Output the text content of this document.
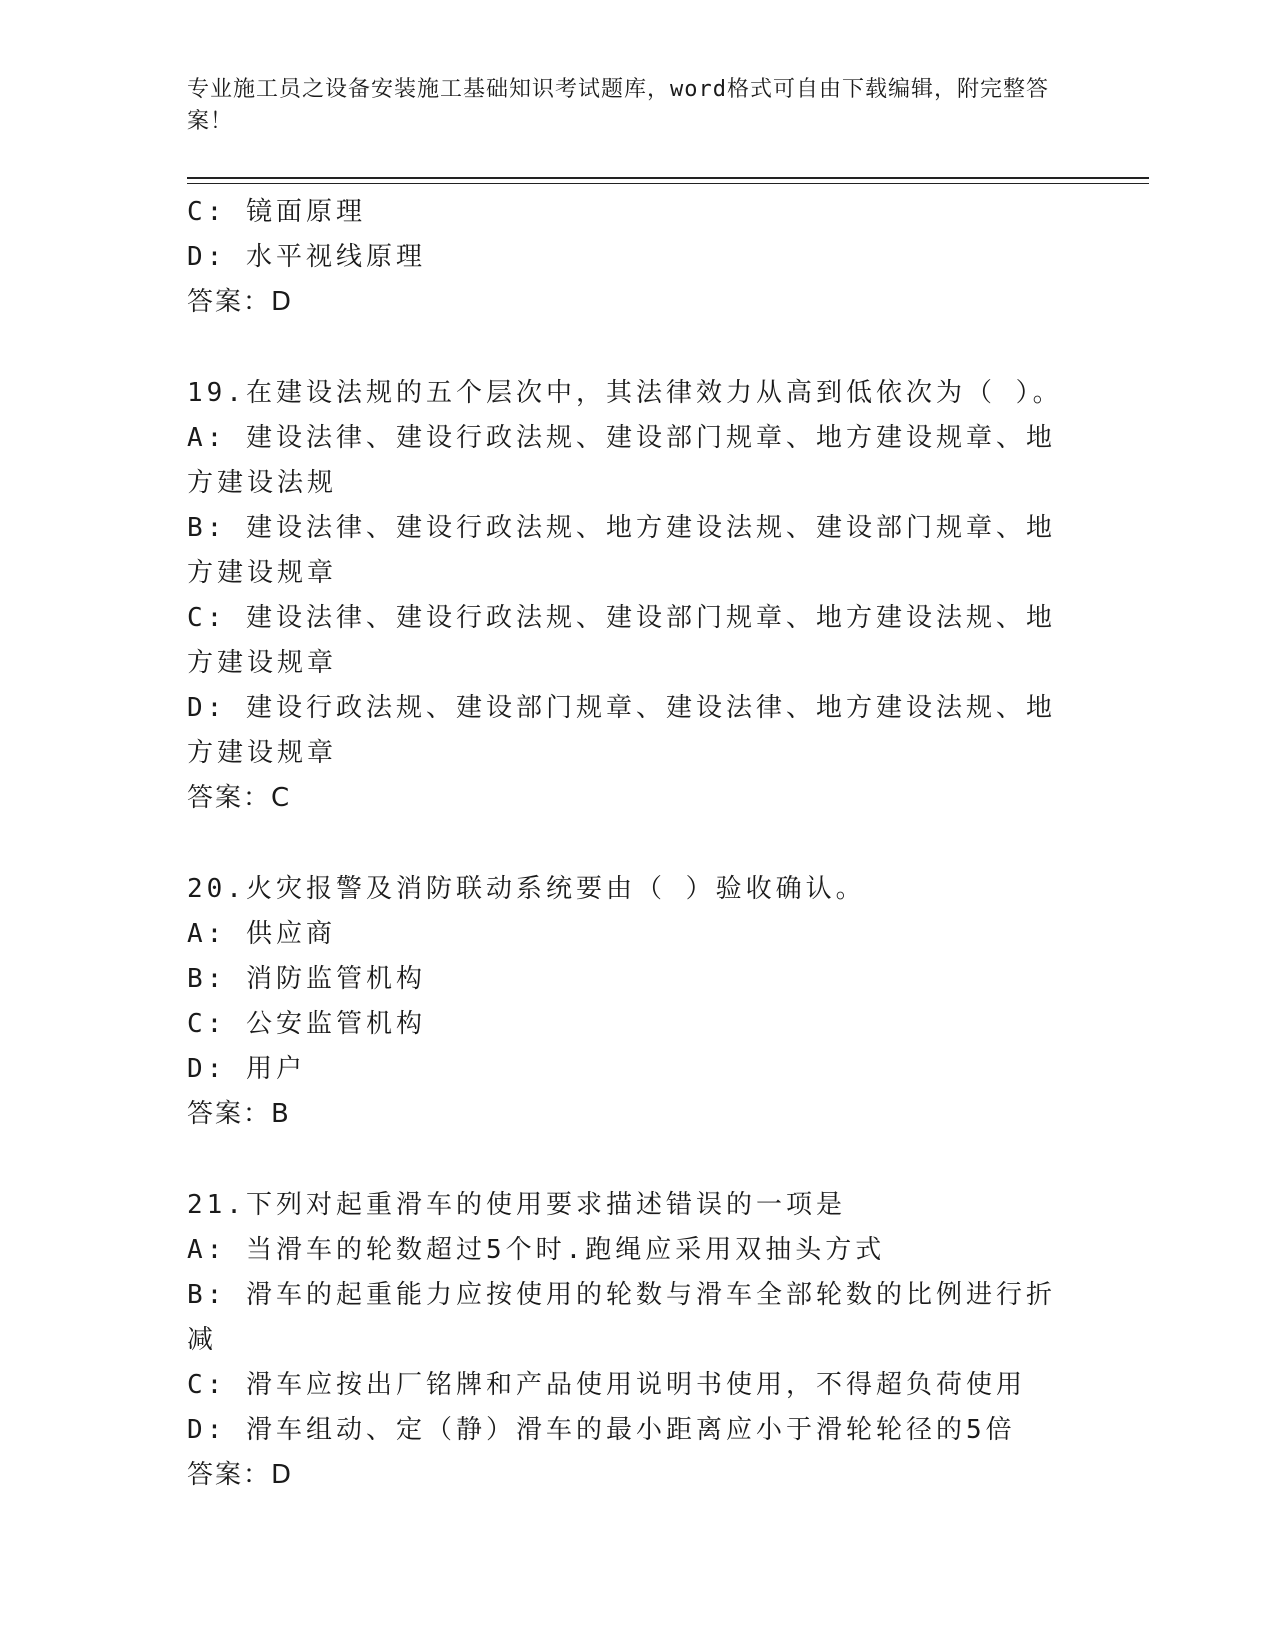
专业施工员之设备安装施工基础知识考试题库，word格式可自由下载编辑，附完整答案！
C: 镜面原理
D: 水平视线原理
答案：D
19.在建设法规的五个层次中，其法律效力从高到低依次为（ ）。
A: 建设法律、建设行政法规、建设部门规章、地方建设规章、地方建设法规
B: 建设法律、建设行政法规、地方建设法规、建设部门规章、地方建设规章
C: 建设法律、建设行政法规、建设部门规章、地方建设法规、地方建设规章
D: 建设行政法规、建设部门规章、建设法律、地方建设法规、地方建设规章
答案：C
20.火灾报警及消防联动系统要由（ ）验收确认。
A: 供应商
B: 消防监管机构
C: 公安监管机构
D: 用户
答案：B
21.下列对起重滑车的使用要求描述错误的一项是
A: 当滑车的轮数超过5个时.跑绳应采用双抽头方式
B: 滑车的起重能力应按使用的轮数与滑车全部轮数的比例进行折减
C: 滑车应按出厂铭牌和产品使用说明书使用，不得超负荷使用
D: 滑车组动、定（静）滑车的最小距离应小于滑轮轮径的5倍
答案：D
